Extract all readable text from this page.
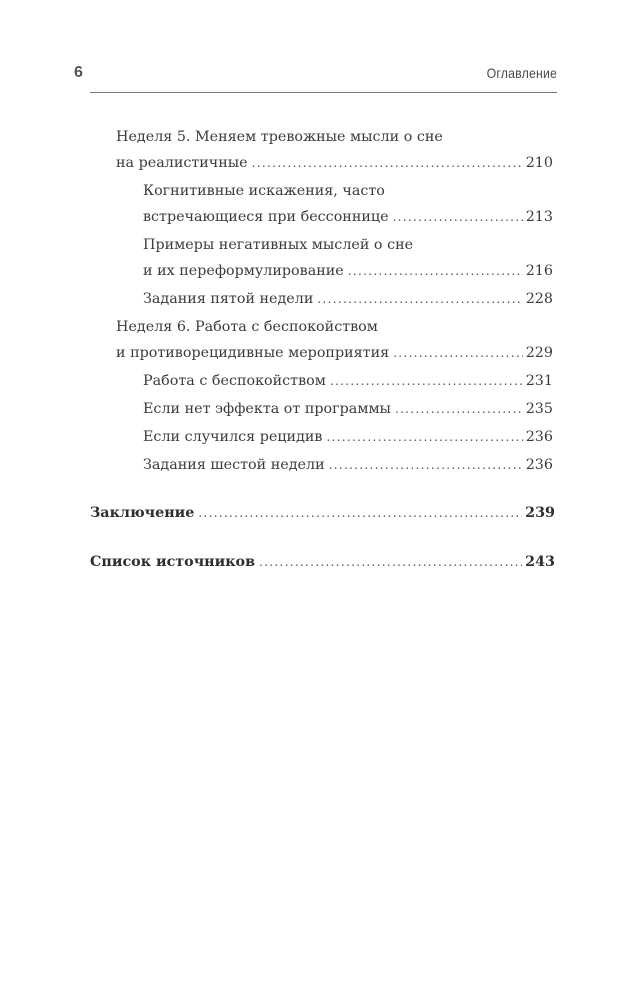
6	Оглавление
Неделя 5. Меняем тревожные мысли о сне
на реалистичные .....	210
Когнитивные искажения, часто
встречающиеся при бессоннице .....	213
Примеры негативных мыслей о сне
и их переформулирование .....	216
Задания пятой недели .....	228
Неделя 6. Работа с беспокойством
и противорецидивные мероприятия .....	229
Работа с беспокойством .....	231
Если нет эффекта от программы .....	235
Если случился рецидив .....	236
Задания шестой недели .....	236
Заключение .....	239
Список источников .....	243
